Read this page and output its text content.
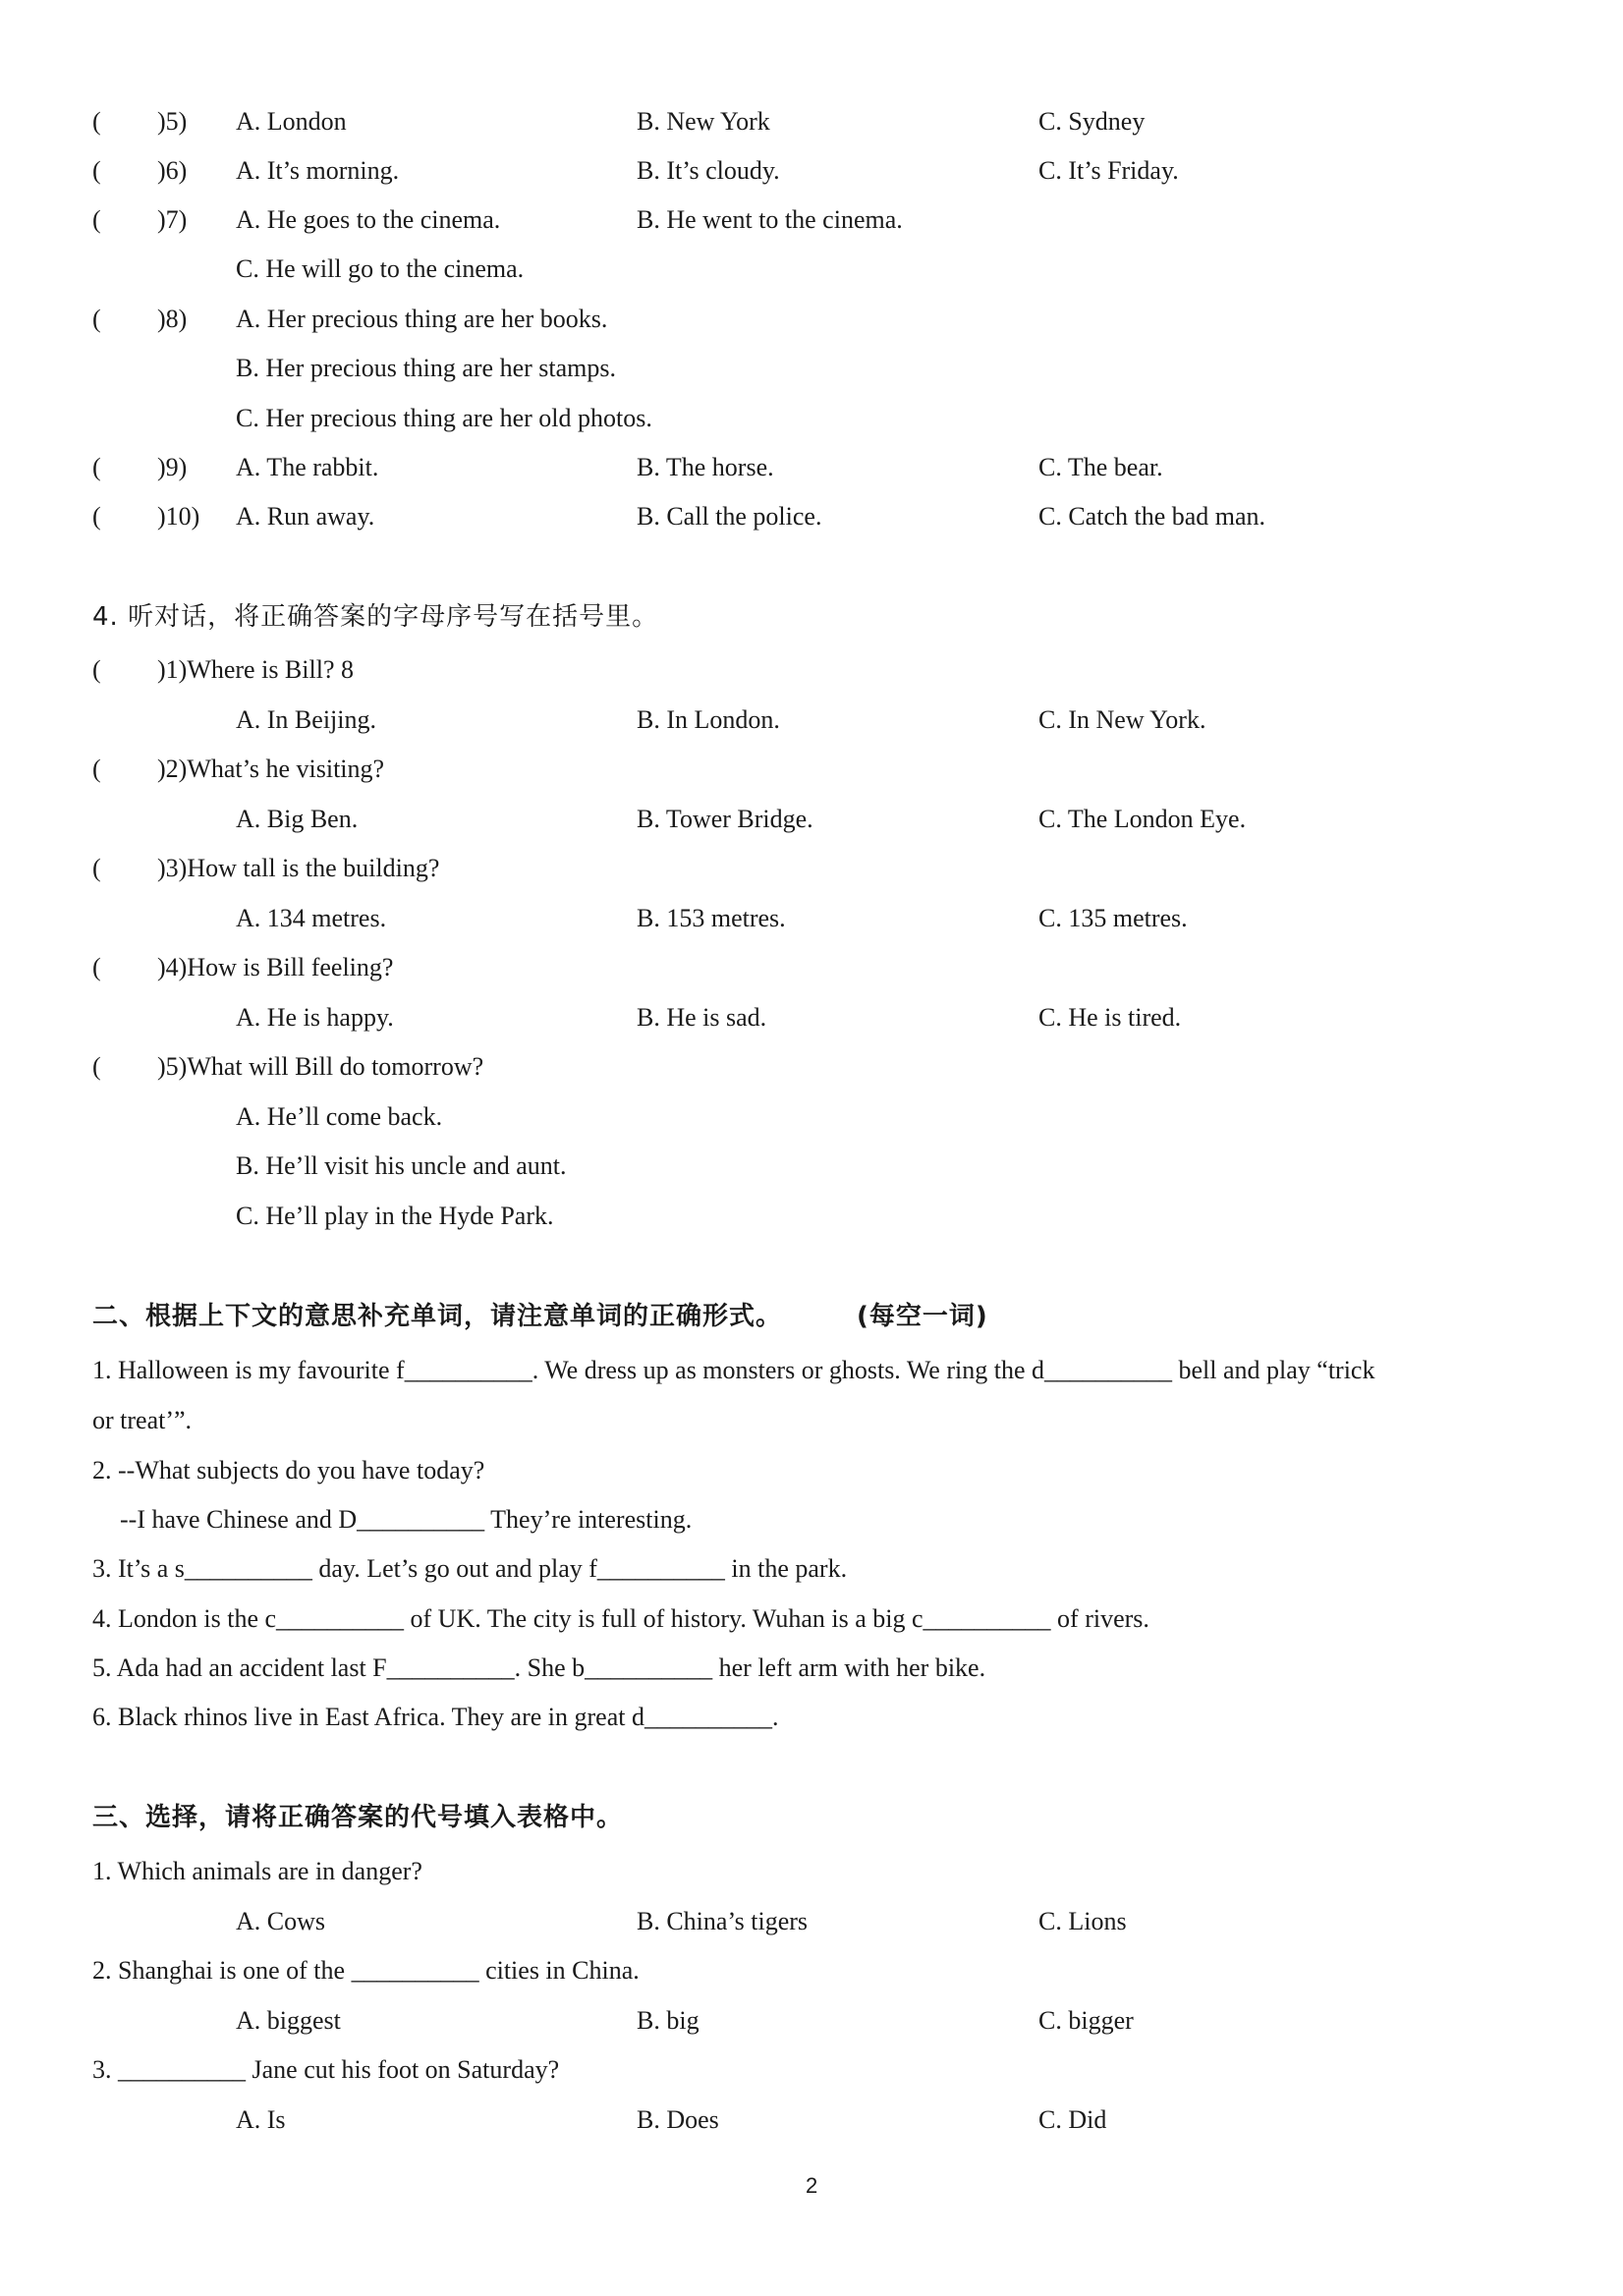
( )5) A. London	B. New York	C. Sydney
( )6) A. It’s morning.	B. It’s cloudy.	C. It’s Friday.
( )7) A. He goes to the cinema.	B. He went to the cinema.
C. He will go to the cinema.
( )8) A. Her precious thing are her books.
B. Her precious thing are her stamps.
C. Her precious thing are her old photos.
( )9) A. The rabbit.	B. The horse.	C. The bear.
( )10) A. Run away.	B. Call the police.	C. Catch the bad man.
4. 听对话，将正确答案的字母序号写在括号里。
( )1)Where is Bill? 8
A. In Beijing.	B. In London.	C. In New York.
( )2)What’s he visiting?
A. Big Ben.	B. Tower Bridge.	C. The London Eye.
( )3)How tall is the building?
A. 134 metres.	B. 153 metres.	C. 135 metres.
( )4)How is Bill feeling?
A. He is happy.	B. He is sad.	C. He is tired.
( )5)What will Bill do tomorrow?
A. He’ll come back.
B. He’ll visit his uncle and aunt.
C. He’ll play in the Hyde Park.
二、根据上下文的意思补充单词，请注意单词的正确形式。	(每空一词)
1. Halloween is my favourite f__________. We dress up as monsters or ghosts. We ring the d__________ bell and play “trick
or treat’”.
2. --What subjects do you have today?
--I have Chinese and D__________ They’re interesting.
3. It’s a s__________ day. Let’s go out and play f__________ in the park.
4. London is the c__________ of UK. The city is full of history. Wuhan is a big c__________ of rivers.
5. Ada had an accident last F__________. She b__________ her left arm with her bike.
6. Black rhinos live in East Africa. They are in great d__________.
三、选择，请将正确答案的代号填入表格中。
1. Which animals are in danger?
A. Cows	B. China’s tigers	C. Lions
2. Shanghai is one of the __________ cities in China.
A. biggest	B. big	C. bigger
3. __________ Jane cut his foot on Saturday?
A. Is	B. Does	C. Did
2
